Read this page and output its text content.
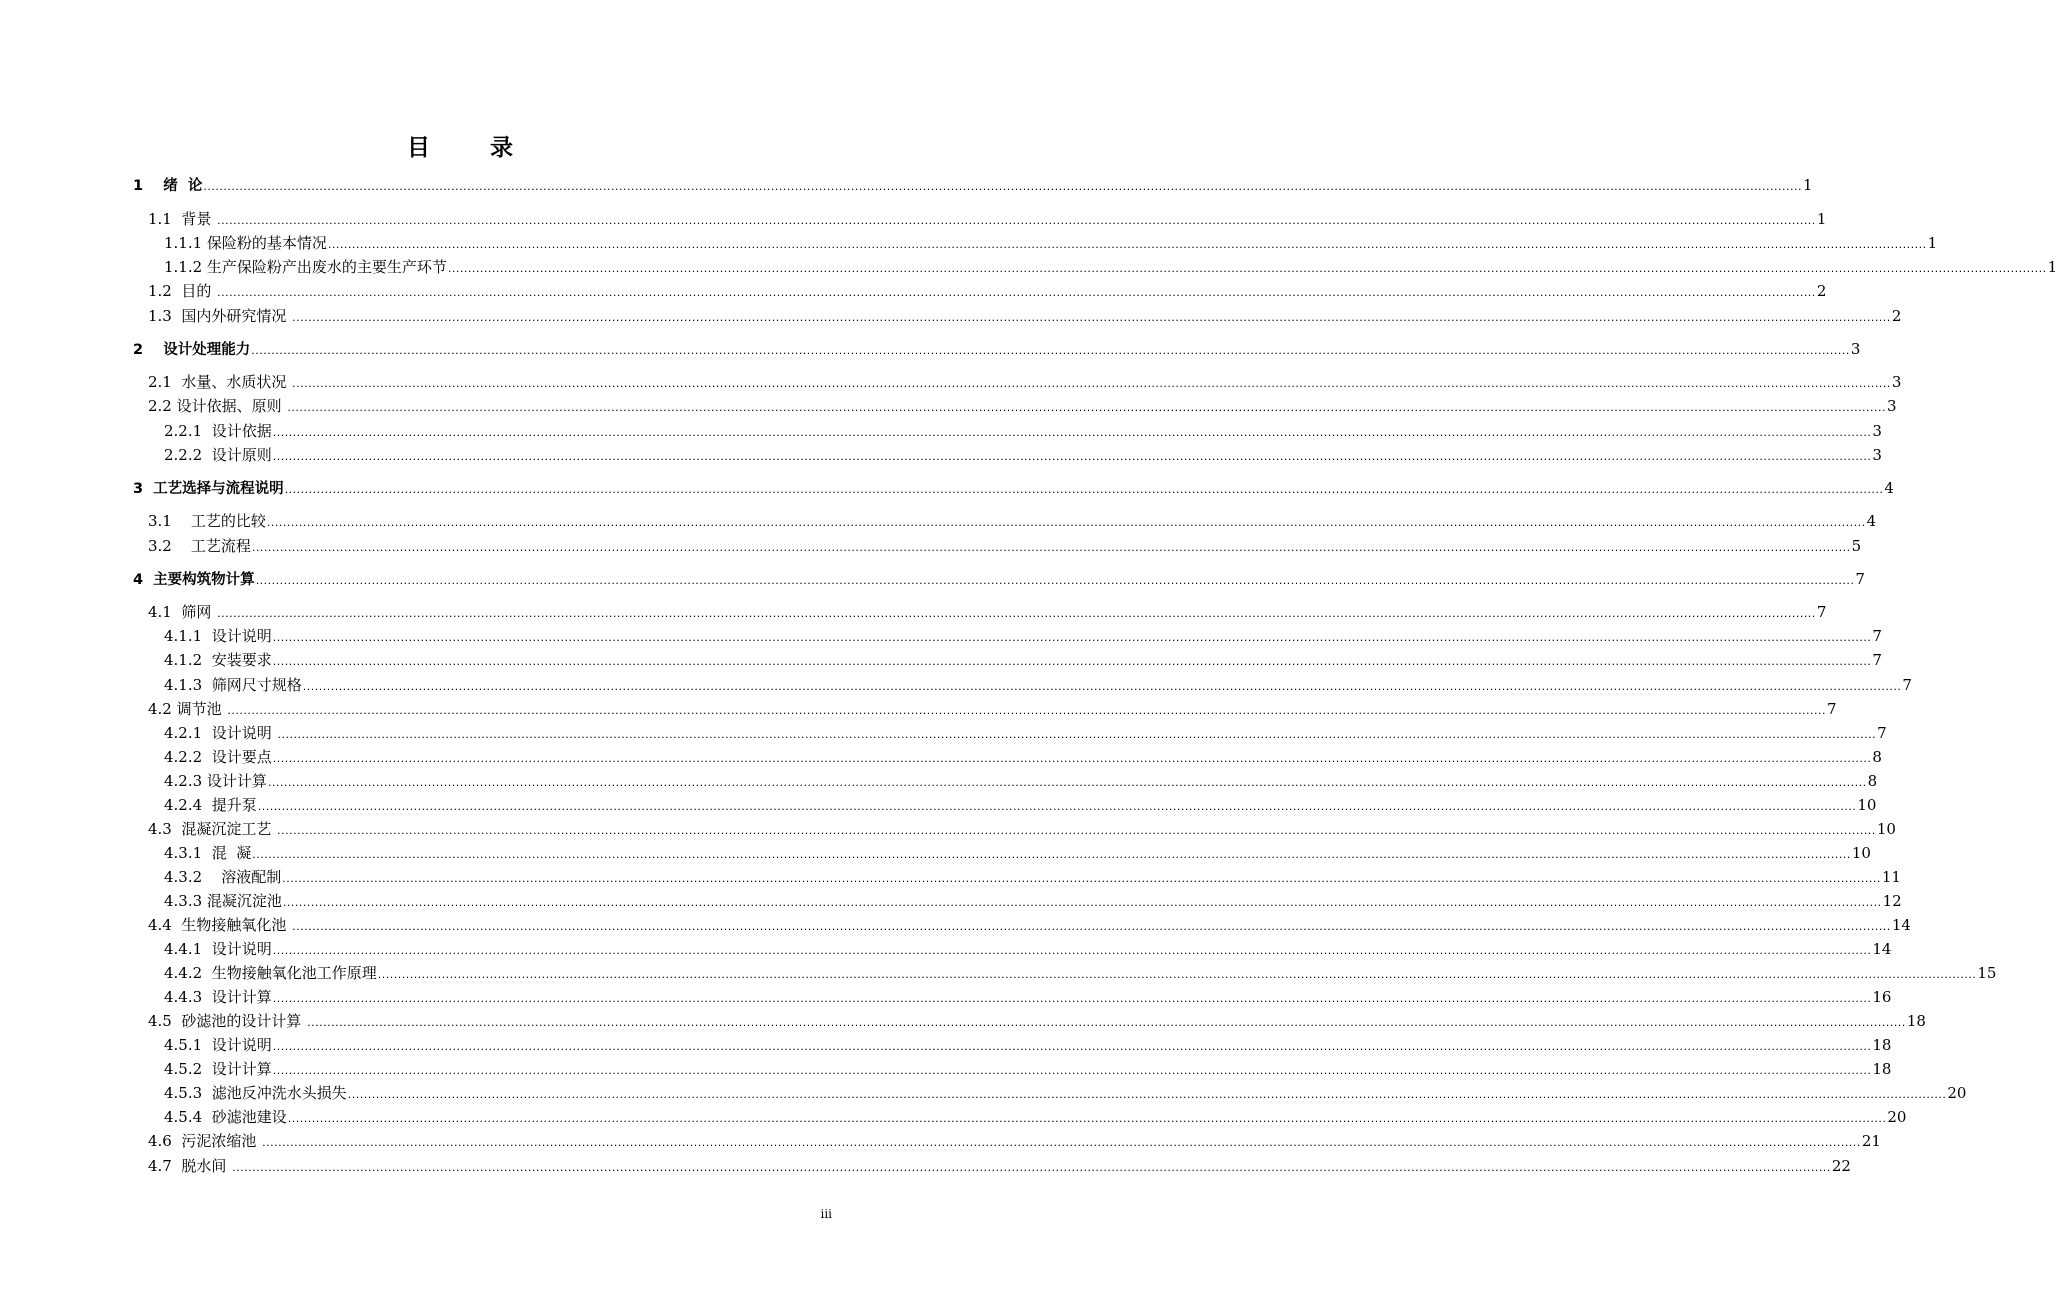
目 录
1    绪  论 ................................................................................................................................................................................................................................................................................................................................................................................................................ 1
1.1  背景 ................................................................................................................................................................................................................................................................................................................................................................................................................ 1
1.1.1 保险粉的基本情况 ................................................................................................................................................................................................................................................................................................................................................................................................................ 1
1.1.2 生产保险粉产出废水的主要生产环节 ................................................................................................................................................................................................................................................................................................................................................................................................................ 1
1.2  目的 ................................................................................................................................................................................................................................................................................................................................................................................................................ 2
1.3  国内外研究情况 ................................................................................................................................................................................................................................................................................................................................................................................................................ 2
2    设计处理能力 ................................................................................................................................................................................................................................................................................................................................................................................................................ 3
2.1  水量、水质状况 ................................................................................................................................................................................................................................................................................................................................................................................................................ 3
2.2 设计依据、原则 ................................................................................................................................................................................................................................................................................................................................................................................................................ 3
2.2.1  设计依据 ................................................................................................................................................................................................................................................................................................................................................................................................................ 3
2.2.2  设计原则 ................................................................................................................................................................................................................................................................................................................................................................................................................ 3
3  工艺选择与流程说明 ................................................................................................................................................................................................................................................................................................................................................................................................................ 4
3.1    工艺的比较 ................................................................................................................................................................................................................................................................................................................................................................................................................ 4
3.2    工艺流程 ................................................................................................................................................................................................................................................................................................................................................................................................................ 5
4  主要构筑物计算 ................................................................................................................................................................................................................................................................................................................................................................................................................ 7
4.1  筛网 ................................................................................................................................................................................................................................................................................................................................................................................................................ 7
4.1.1  设计说明 ................................................................................................................................................................................................................................................................................................................................................................................................................ 7
4.1.2  安装要求 ................................................................................................................................................................................................................................................................................................................................................................................................................ 7
4.1.3  筛网尺寸规格 ................................................................................................................................................................................................................................................................................................................................................................................................................ 7
4.2 调节池 ................................................................................................................................................................................................................................................................................................................................................................................................................ 7
4.2.1  设计说明 ................................................................................................................................................................................................................................................................................................................................................................................................................ 7
4.2.2  设计要点 ................................................................................................................................................................................................................................................................................................................................................................................................................ 8
4.2.3 设计计算 ................................................................................................................................................................................................................................................................................................................................................................................................................ 8
4.2.4  提升泵 ................................................................................................................................................................................................................................................................................................................................................................................................................ 10
4.3  混凝沉淀工艺 ................................................................................................................................................................................................................................................................................................................................................................................................................ 10
4.3.1  混  凝 ................................................................................................................................................................................................................................................................................................................................................................................................................ 10
4.3.2    溶液配制 ................................................................................................................................................................................................................................................................................................................................................................................................................ 11
4.3.3 混凝沉淀池 ................................................................................................................................................................................................................................................................................................................................................................................................................ 12
4.4  生物接触氧化池 ................................................................................................................................................................................................................................................................................................................................................................................................................ 14
4.4.1  设计说明 ................................................................................................................................................................................................................................................................................................................................................................................................................ 14
4.4.2  生物接触氧化池工作原理 ................................................................................................................................................................................................................................................................................................................................................................................................................ 15
4.4.3  设计计算 ................................................................................................................................................................................................................................................................................................................................................................................................................ 16
4.5  砂滤池的设计计算 ................................................................................................................................................................................................................................................................................................................................................................................................................ 18
4.5.1  设计说明 ................................................................................................................................................................................................................................................................................................................................................................................................................ 18
4.5.2  设计计算 ................................................................................................................................................................................................................................................................................................................................................................................................................ 18
4.5.3  滤池反冲洗水头损失 ................................................................................................................................................................................................................................................................................................................................................................................................................ 20
4.5.4  砂滤池建设 ................................................................................................................................................................................................................................................................................................................................................................................................................ 20
4.6  污泥浓缩池 ................................................................................................................................................................................................................................................................................................................................................................................................................ 21
4.7  脱水间 ................................................................................................................................................................................................................................................................................................................................................................................................................ 22
iii
